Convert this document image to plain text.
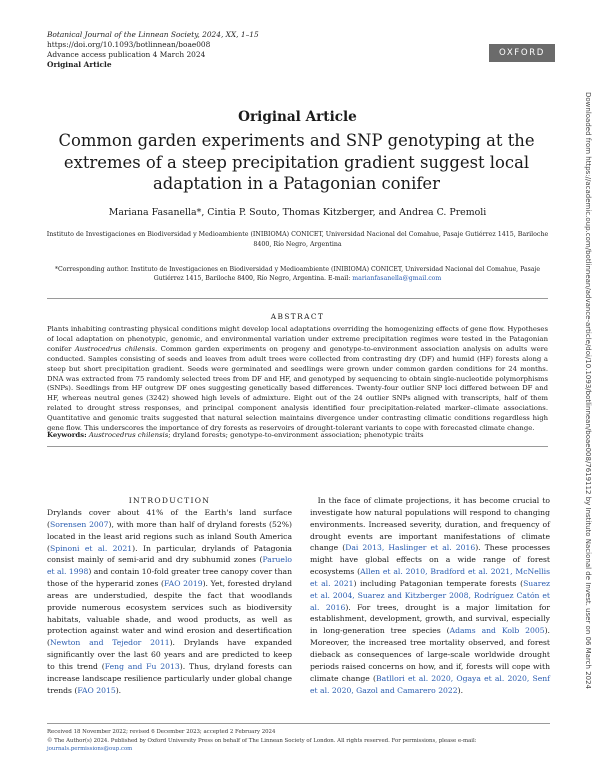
Botanical Journal of the Linnean Society, 2024, XX, 1–15
https://doi.org/10.1093/botlinnean/boae008
Advance access publication 4 March 2024
Original Article
OXFORD
Downloaded from https://academic.oup.com/botlinnean/advance-article/doi/10.1093/botlinnean/boae008/7619112 by Instituto Nacional de Invest. user on 06 March 2024
Original Article
Common garden experiments and SNP genotyping at the extremes of a steep precipitation gradient suggest local adaptation in a Patagonian conifer
Mariana Fasanella*, Cintia P. Souto, Thomas Kitzberger, and Andrea C. Premoli
Instituto de Investigaciones en Biodiversidad y Medioambiente (INIBIOMA) CONICET, Universidad Nacional del Comahue, Pasaje Gutiérrez 1415, Bariloche 8400, Río Negro, Argentina
*Corresponding author. Instituto de Investigaciones en Biodiversidad y Medioambiente (INIBIOMA) CONICET, Universidad Nacional del Comahue, Pasaje Gutiérrez 1415, Bariloche 8400, Río Negro, Argentina. E-mail: marianfasanella@gmail.com
ABSTRACT
Plants inhabiting contrasting physical conditions might develop local adaptations overriding the homogenizing effects of gene flow. Hypotheses of local adaptation on phenotypic, genomic, and environmental variation under extreme precipitation regimes were tested in the Patagonian conifer Austrocedrus chilensis. Common garden experiments on progeny and genotype-to-environment association analysis on adults were conducted. Samples consisting of seeds and leaves from adult trees were collected from contrasting dry (DF) and humid (HF) forests along a steep but short precipitation gradient. Seeds were germinated and seedlings were grown under common garden conditions for 24 months. DNA was extracted from 75 randomly selected trees from DF and HF, and genotyped by sequencing to obtain single-nucleotide polymorphisms (SNPs). Seedlings from HF outgrew DF ones suggesting genetically based differences. Twenty-four outlier SNP loci differed between DF and HF, whereas neutral genes (3242) showed high levels of admixture. Eight out of the 24 outlier SNPs aligned with transcripts, half of them related to drought stress responses, and principal component analysis identified four precipitation-related marker–climate associations. Quantitative and genomic traits suggested that natural selection maintains divergence under contrasting climatic conditions regardless high gene flow. This underscores the importance of dry forests as reservoirs of drought-tolerant variants to cope with forecasted climate change.
Keywords: Austrocedrus chilensis; dryland forests; genotype-to-environment association; phenotypic traits
INTRODUCTION
Drylands cover about 41% of the Earth's land surface (Sorensen 2007), with more than half of dryland forests (52%) located in the least arid regions such as inland South America (Spinoni et al. 2021). In particular, drylands of Patagonia consist mainly of semi-arid and dry subhumid zones (Paruelo et al. 1998) and contain 10-fold greater tree canopy cover than those of the hyperarid zones (FAO 2019). Yet, forested dryland areas are understudied, despite the fact that woodlands provide numerous ecosystem services such as biodiversity habitats, valuable shade, and wood products, as well as protection against water and wind erosion and desertification (Newton and Tejedor 2011). Drylands have expanded significantly over the last 60 years and are predicted to keep to this trend (Feng and Fu 2013). Thus, dryland forests can increase landscape resilience particularly under global change trends (FAO 2015).
 In the face of climate projections, it has become crucial to investigate how natural populations will respond to changing environments. Increased severity, duration, and frequency of drought events are important manifestations of climate change (Dai 2013, Haslinger et al. 2016). These processes might have global effects on a wide range of forest ecosystems (Allen et al. 2010, Bradford et al. 2021, McNellis et al. 2021) including Patagonian temperate forests (Suarez et al. 2004, Suarez and Kitzberger 2008, Rodríguez Catón et al. 2016). For trees, drought is a major limitation for establishment, development, growth, and survival, especially in long-generation tree species (Adams and Kolb 2005). Moreover, the increased tree mortality observed, and forest dieback as consequences of large-scale worldwide drought periods raised concerns on how, and if, forests will cope with climate change (Batllori et al. 2020, Ogaya et al. 2020, Senf et al. 2020, Gazol and Camarero 2022).
Received 18 November 2022; revised 6 December 2023; accepted 2 February 2024
© The Author(s) 2024. Published by Oxford University Press on behalf of The Linnean Society of London. All rights reserved. For permissions, please e-mail: journals.permissions@oup.com
